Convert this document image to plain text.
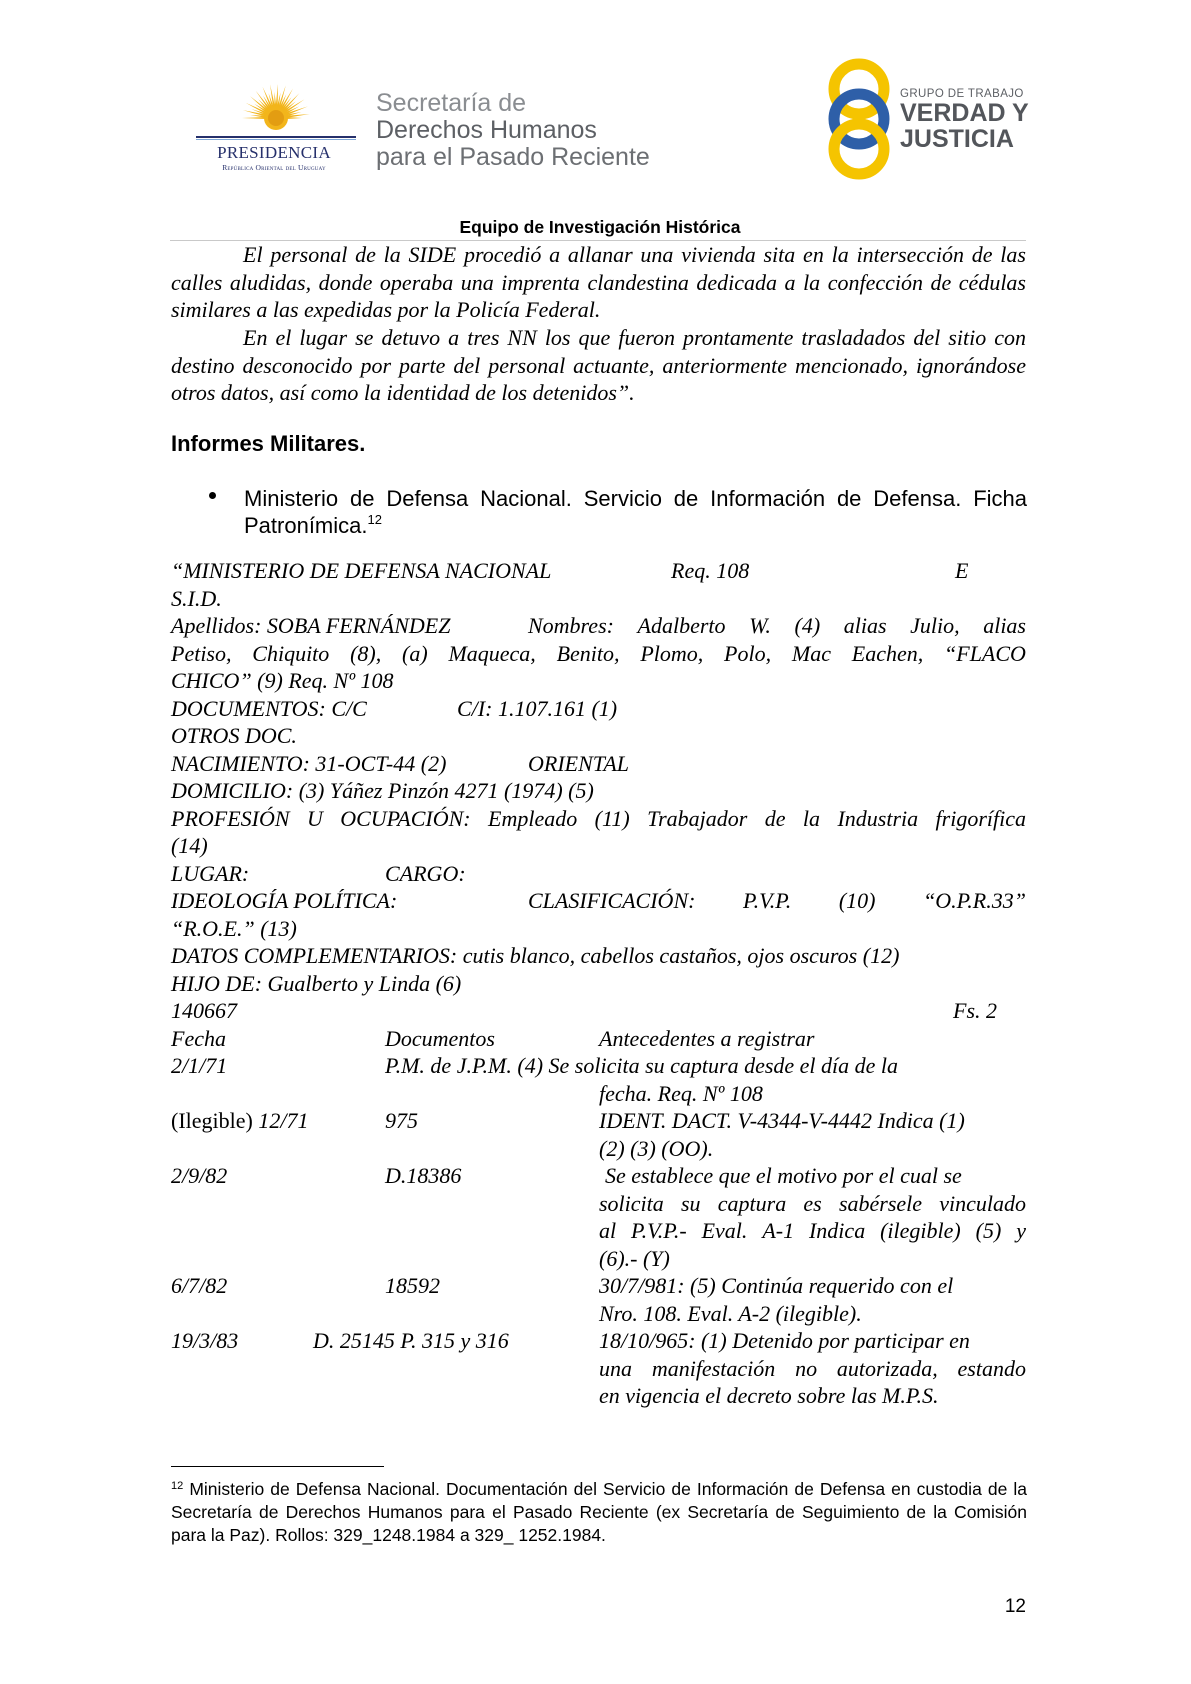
PRESIDENCIA
República Oriental del Uruguay
Secretaría de
Derechos Humanos
para el Pasado Reciente
GRUPO DE TRABAJO
VERDAD Y
JUSTICIA
Equipo de Investigación Histórica
El personal de la SIDE procedió a allanar una vivienda sita en la intersección de las calles aludidas, donde operaba una imprenta clandestina dedicada a la confección de cédulas similares a las expedidas por la Policía Federal.
En el lugar se detuvo a tres NN los que fueron prontamente trasladados del sitio con destino desconocido por parte del personal actuante, anteriormente mencionado, ignorándose otros datos, así como la identidad de los detenidos”.
Informes Militares.
Ministerio de Defensa Nacional. Servicio de Información de Defensa. Ficha Patronímica.$^{12}$
“MINISTERIO DE DEFENSA NACIONAL	Req. 108	E
S.I.D.
Apellidos: SOBA FERNÁNDEZ	Nombres: Adalberto W. (4) alias Julio, alias
Petiso, Chiquito (8), (a) Maqueca, Benito, Plomo, Polo, Mac Eachen, “FLACO
CHICO” (9) Req. Nº 108
DOCUMENTOS: C/C	C/I: 1.107.161 (1)
OTROS DOC.
NACIMIENTO: 31-OCT-44 (2)	ORIENTAL
DOMICILIO: (3) Yáñez Pinzón 4271 (1974) (5)
PROFESIÓN U OCUPACIÓN: Empleado (11) Trabajador de la Industria frigorífica
(14)
LUGAR:	CARGO:
IDEOLOGÍA POLÍTICA:	CLASIFICACIÓN: P.V.P. (10) “O.P.R.33”
“R.O.E.” (13)
DATOS COMPLEMENTARIOS: cutis blanco, cabellos castaños, ojos oscuros (12)
HIJO DE: Gualberto y Linda (6)
140667	Fs. 2
Fecha	Documentos	Antecedentes a registrar
2/1/71	P.M. de J.P.M. (4) Se solicita su captura desde el día de la
fecha. Req. Nº 108
(Ilegible) 12/71	975	IDENT. DACT. V-4344-V-4442 Indica (1)
(2) (3) (OO).
2/9/82	D.18386	Se establece que el motivo por el cual se
solicita su captura es sabérsele vinculado
al P.V.P.- Eval. A-1 Indica (ilegible) (5) y
(6).- (Y)
6/7/82	18592	30/7/981: (5) Continúa requerido con el
Nro. 108. Eval. A-2 (ilegible).
19/3/83	D. 25145 P. 315 y 316	18/10/965: (1) Detenido por participar en
una manifestación no autorizada, estando
en vigencia el decreto sobre las M.P.S.
$^{12}$ Ministerio de Defensa Nacional. Documentación del Servicio de Información de Defensa en custodia de la Secretaría de Derechos Humanos para el Pasado Reciente (ex Secretaría de Seguimiento de la Comisión para la Paz). Rollos: 329_1248.1984 a 329_ 1252.1984.
12
